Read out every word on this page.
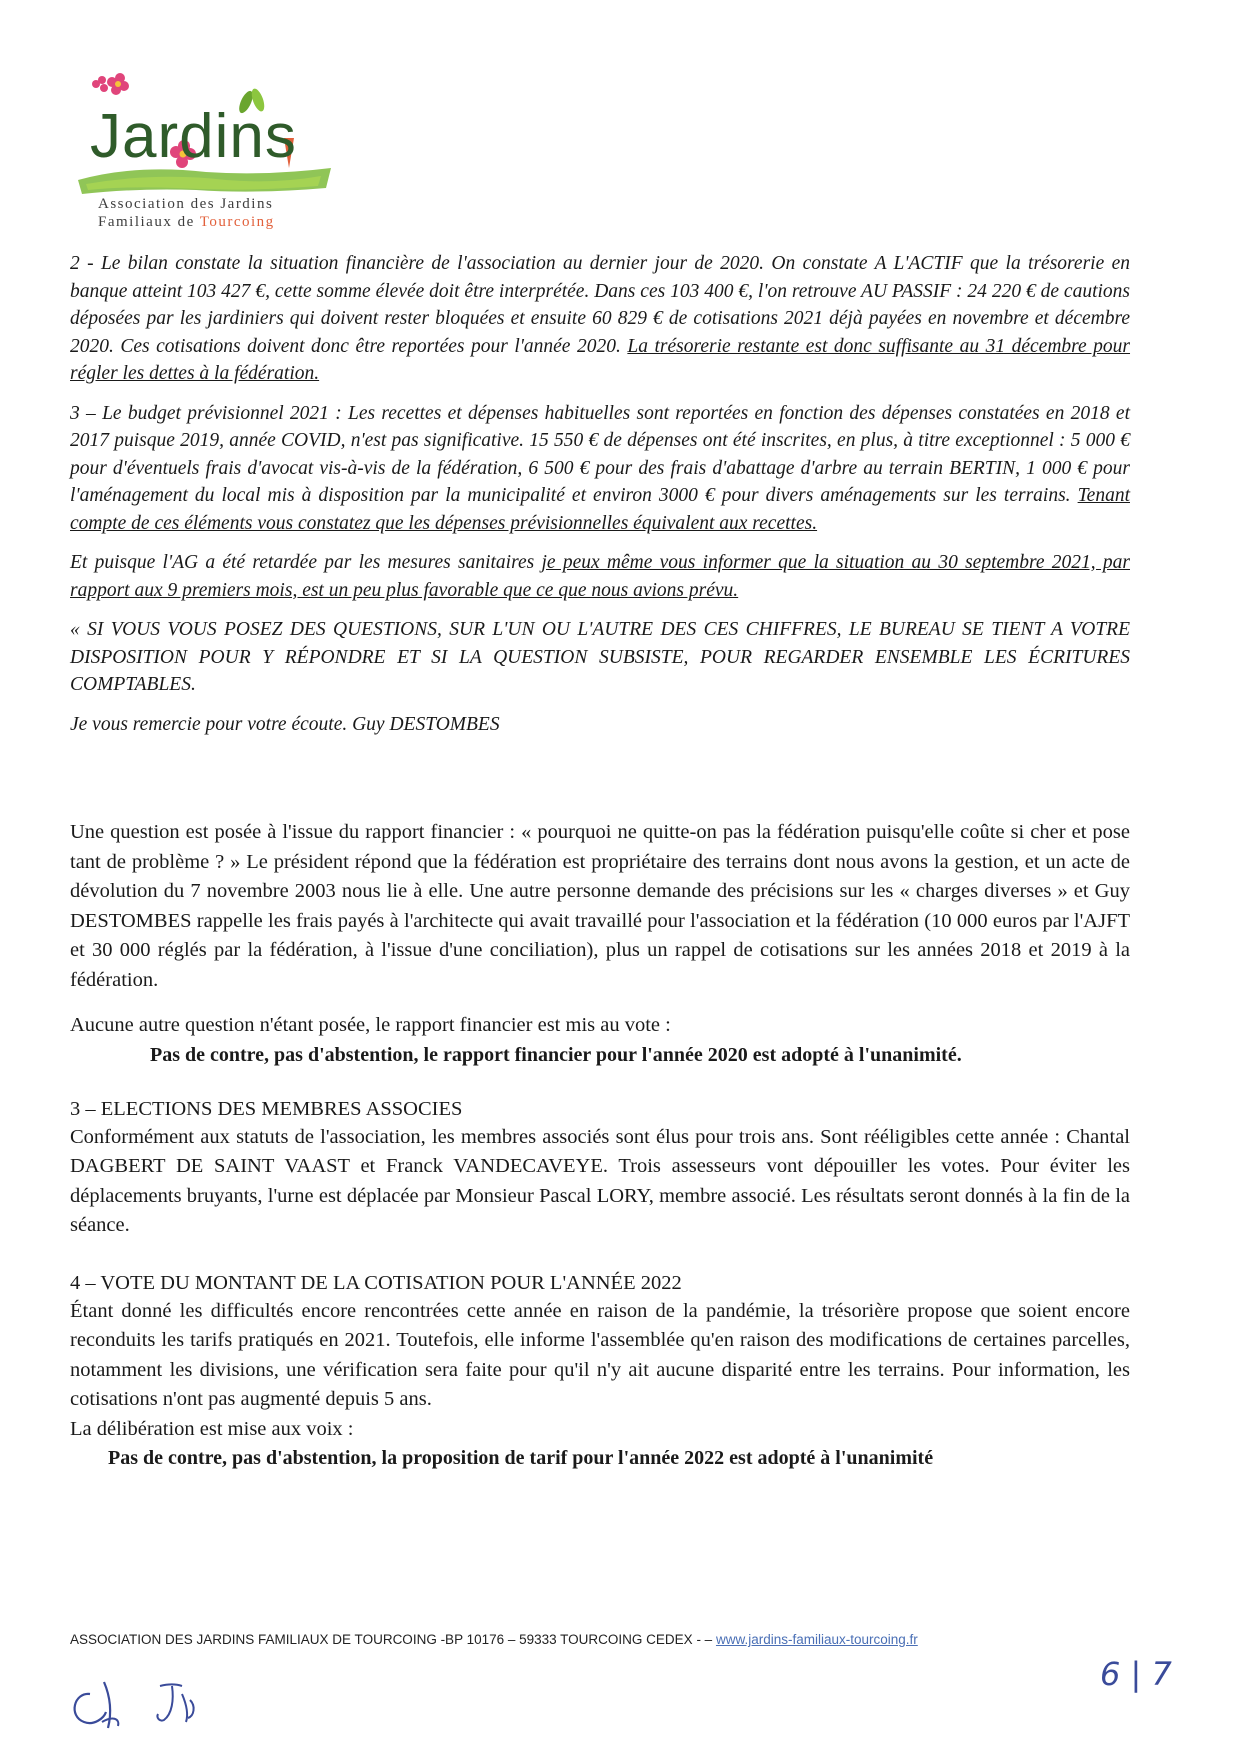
Jardins
Association des Jardins
Familiaux de Tourcoing

2 - Le bilan constate la situation financière de l'association au dernier jour de 2020. On constate A L'ACTIF que la trésorerie en banque atteint 103 427 €, cette somme élevée doit être interprétée. Dans ces 103 400 €, l'on retrouve AU PASSIF : 24 220 € de cautions déposées par les jardiniers qui doivent rester bloquées et ensuite 60 829 € de cotisations 2021 déjà payées en novembre et décembre 2020. Ces cotisations doivent donc être reportées pour l'année 2020. La trésorerie restante est donc suffisante au 31 décembre pour régler les dettes à la fédération.

3 – Le budget prévisionnel 2021 : Les recettes et dépenses habituelles sont reportées en fonction des dépenses constatées en 2018 et 2017 puisque 2019, année COVID, n'est pas significative. 15 550 € de dépenses ont été inscrites, en plus, à titre exceptionnel : 5 000 € pour d'éventuels frais d'avocat vis-à-vis de la fédération, 6 500 € pour des frais d'abattage d'arbre au terrain BERTIN, 1 000 € pour l'aménagement du local mis à disposition par la municipalité et environ 3000 € pour divers aménagements sur les terrains. Tenant compte de ces éléments vous constatez que les dépenses prévisionnelles équivalent aux recettes.

Et puisque l'AG a été retardée par les mesures sanitaires je peux même vous informer que la situation au 30 septembre 2021, par rapport aux 9 premiers mois, est un peu plus favorable que ce que nous avions prévu.

« SI VOUS VOUS POSEZ DES QUESTIONS, SUR L'UN OU L'AUTRE DES CES CHIFFRES, LE BUREAU SE TIENT A VOTRE DISPOSITION POUR Y RÉPONDRE ET SI LA QUESTION SUBSISTE, POUR REGARDER ENSEMBLE LES ÉCRITURES COMPTABLES.

Je vous remercie pour votre écoute. Guy DESTOMBES

Une question est posée à l'issue du rapport financier : « pourquoi ne quitte-on pas la fédération puisqu'elle coûte si cher et pose tant de problème ? » Le président répond que la fédération est propriétaire des terrains dont nous avons la gestion, et un acte de dévolution du 7 novembre 2003 nous lie à elle. Une autre personne demande des précisions sur les « charges diverses » et Guy DESTOMBES rappelle les frais payés à l'architecte qui avait travaillé pour l'association et la fédération (10 000 euros par l'AJFT et 30 000 réglés par la fédération, à l'issue d'une conciliation), plus un rappel de cotisations sur les années 2018 et 2019 à la fédération.

Aucune autre question n'étant posée, le rapport financier est mis au vote :

Pas de contre, pas d'abstention, le rapport financier pour l'année 2020 est adopté à l'unanimité.

3 – ELECTIONS DES MEMBRES ASSOCIES

Conformément aux statuts de l'association, les membres associés sont élus pour trois ans. Sont rééligibles cette année : Chantal DAGBERT DE SAINT VAAST et Franck VANDECAVEYE. Trois assesseurs vont dépouiller les votes. Pour éviter les déplacements bruyants, l'urne est déplacée par Monsieur Pascal LORY, membre associé. Les résultats seront donnés à la fin de la séance.

4 – VOTE DU MONTANT DE LA COTISATION POUR L'ANNÉE 2022

Étant donné les difficultés encore rencontrées cette année en raison de la pandémie, la trésorière propose que soient encore reconduits les tarifs pratiqués en 2021. Toutefois, elle informe l'assemblée qu'en raison des modifications de certaines parcelles, notamment les divisions, une vérification sera faite pour qu'il n'y ait aucune disparité entre les terrains. Pour information, les cotisations n'ont pas augmenté depuis 5 ans.

La délibération est mise aux voix :

Pas de contre, pas d'abstention, la proposition de tarif pour l'année 2022 est adopté à l'unanimité

ASSOCIATION DES JARDINS FAMILIAUX DE TOURCOING -BP 10176 – 59333 TOURCOING CEDEX - – www.jardins-familiaux-tourcoing.fr
6 | 7
